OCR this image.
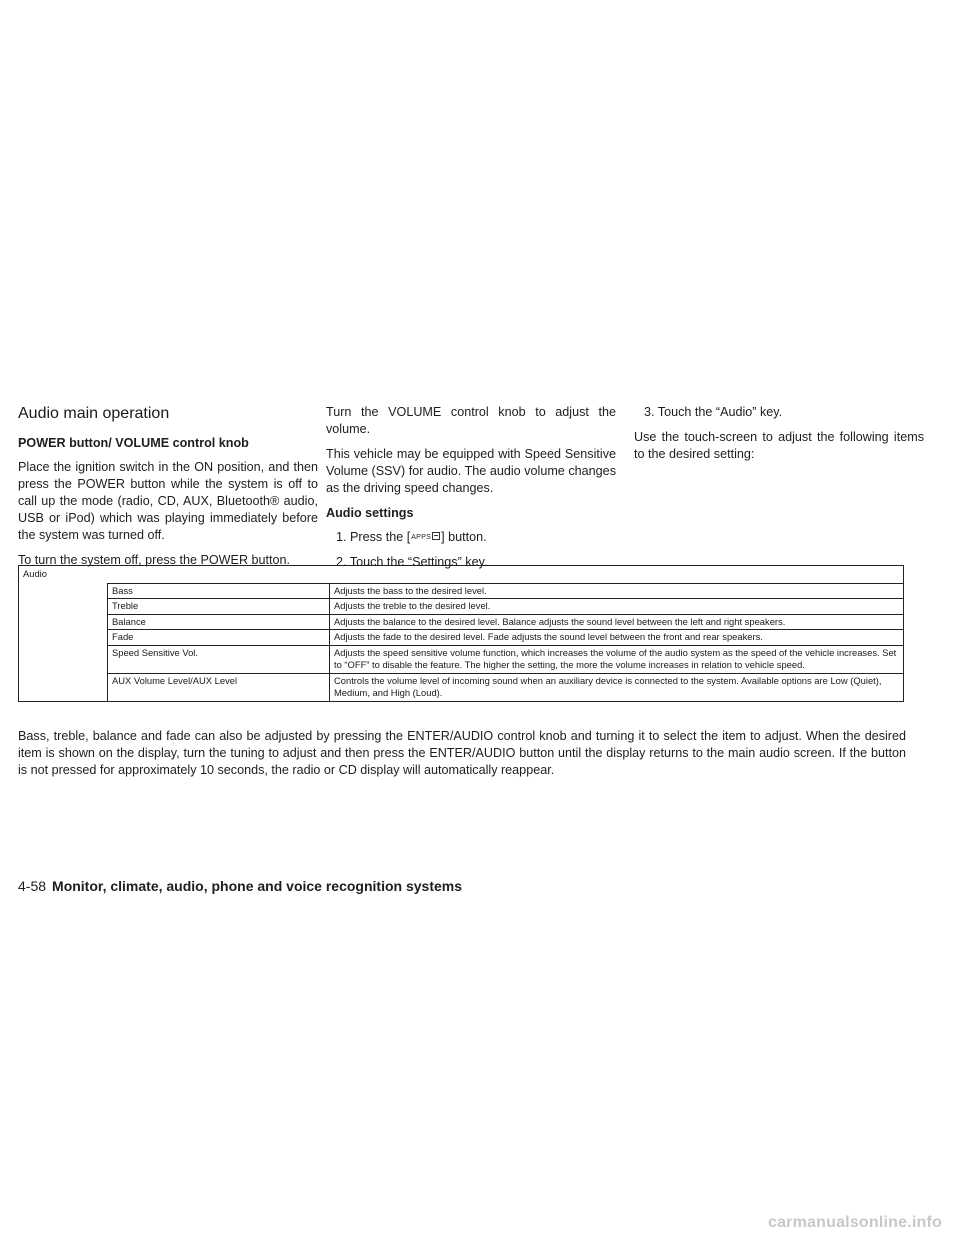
Audio main operation
POWER button/ VOLUME control knob

Place the ignition switch in the ON position, and then press the POWER button while the system is off to call up the mode (radio, CD, AUX, Bluetooth® audio, USB or iPod) which was playing immediately before the system was turned off.

To turn the system off, press the POWER button.

Turn the VOLUME control knob to adjust the volume.

This vehicle may be equipped with Speed Sensitive Volume (SSV) for audio. The audio volume changes as the driving speed changes.

Audio settings
1. Press the [APPS ] button.
2. Touch the “Settings” key.
3. Touch the “Audio” key.

Use the touch-screen to adjust the following items to the desired setting:

Audio		
	Bass	Adjusts the bass to the desired level.
	Treble	Adjusts the treble to the desired level.
	Balance	Adjusts the balance to the desired level. Balance adjusts the sound level between the left and right speakers.
	Fade	Adjusts the fade to the desired level. Fade adjusts the sound level between the front and rear speakers.
	Speed Sensitive Vol.	Adjusts the speed sensitive volume function, which increases the volume of the audio system as the speed of the vehicle increases. Set to “OFF” to disable the feature. The higher the setting, the more the volume increases in relation to vehicle speed.
	AUX Volume Level/AUX Level	Controls the volume level of incoming sound when an auxiliary device is connected to the system. Available options are Low (Quiet), Medium, and High (Loud).

Bass, treble, balance and fade can also be adjusted by pressing the ENTER/AUDIO control knob and turning it to select the item to adjust. When the desired item is shown on the display, turn the tuning to adjust and then press the ENTER/AUDIO button until the display returns to the main audio screen. If the button is not pressed for approximately 10 seconds, the radio or CD display will automatically reappear.

4-58 Monitor, climate, audio, phone and voice recognition systems
carmanualsonline.info
